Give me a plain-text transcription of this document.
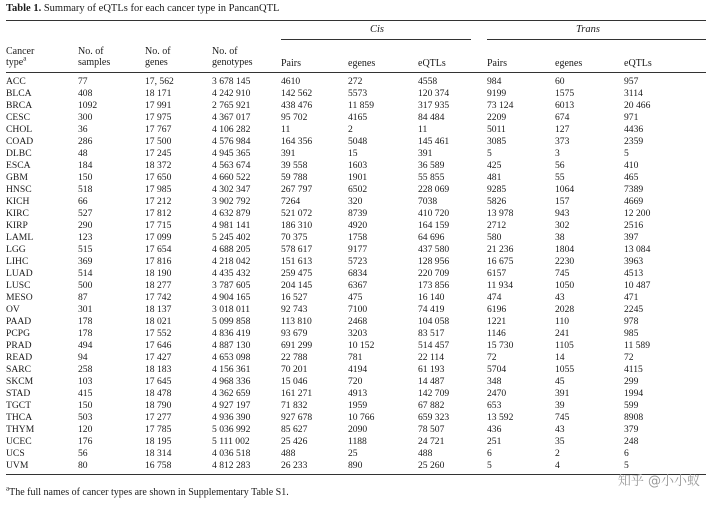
Table 1. Summary of eQTLs for each cancer type in PancanQTL
Cis	Trans
Cancer
type$^a$
No. of
samples
No. of
genes
No. of
genotypes	Pairs	egenes	eQTLs	Pairs	egenes	eQTLs
ACC	77	17, 562	3 678 145	4610	272	4558	984	60	957
BLCA	408	18 171	4 242 910	142 562	5573	120 374	9199	1575	3114
BRCA	1092	17 991	2 765 921	438 476	11 859	317 935	73 124	6013	20 466
CESC	300	17 975	4 367 017	95 702	4165	84 484	2209	674	971
CHOL	36	17 767	4 106 282	11	2	11	5011	127	4436
COAD	286	17 500	4 576 984	164 356	5048	145 461	3085	373	2359
DLBC	48	17 245	4 945 365	391	15	391	5	3	5
ESCA	184	18 372	4 563 674	39 558	1603	36 589	425	56	410
GBM	150	17 650	4 660 522	59 788	1901	55 855	481	55	465
HNSC	518	17 985	4 302 347	267 797	6502	228 069	9285	1064	7389
KICH	66	17 212	3 902 792	7264	320	7038	5826	157	4669
KIRC	527	17 812	4 632 879	521 072	8739	410 720	13 978	943	12 200
KIRP	290	17 715	4 981 141	186 310	4920	164 159	2712	302	2516
LAML	123	17 099	5 245 402	70 375	1758	64 696	580	38	397
LGG	515	17 654	4 688 205	578 617	9177	437 580	21 236	1804	13 084
LIHC	369	17 816	4 218 042	151 613	5723	128 956	16 675	2230	3963
LUAD	514	18 190	4 435 432	259 475	6834	220 709	6157	745	4513
LUSC	500	18 277	3 787 605	204 145	6367	173 856	11 934	1050	10 487
MESO	87	17 742	4 904 165	16 527	475	16 140	474	43	471
OV	301	18 137	3 018 011	92 743	7100	74 419	6196	2028	2245
PAAD	178	18 021	5 099 858	113 810	2468	104 058	1221	110	978
PCPG	178	17 552	4 836 419	93 679	3203	83 517	1146	241	985
PRAD	494	17 646	4 887 130	691 299	10 152	514 457	15 730	1105	11 589
READ	94	17 427	4 653 098	22 788	781	22 114	72	14	72
SARC	258	18 183	4 156 361	70 201	4194	61 193	5704	1055	4115
SKCM	103	17 645	4 968 336	15 046	720	14 487	348	45	299
STAD	415	18 478	4 362 659	161 271	4913	142 709	2470	391	1994
TGCT	150	18 790	4 927 197	71 832	1959	67 882	653	39	599
THCA	503	17 277	4 936 390	927 678	10 766	659 323	13 592	745	8908
THYM	120	17 785	5 036 992	85 627	2090	78 507	436	43	379
UCEC	176	18 195	5 111 002	25 426	1188	24 721	251	35	248
UCS	56	18 314	4 036 518	488	25	488	6	2	6
UVM	80	16 758	4 812 283	26 233	890	25 260	5	4	5
$^a$The full names of cancer types are shown in Supplementary Table S1.
知乎 @小小蚁
